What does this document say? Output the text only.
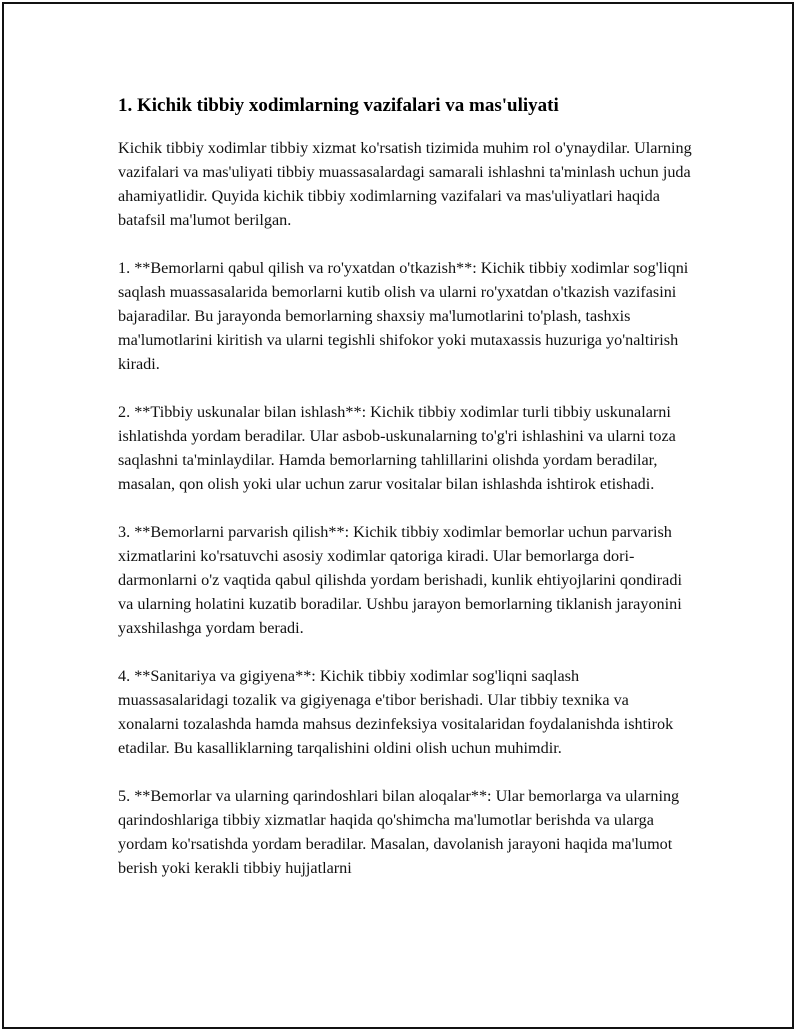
1. Kichik tibbiy xodimlarning vazifalari va mas'uliyati

Kichik tibbiy xodimlar tibbiy xizmat ko'rsatish tizimida muhim rol o'ynaydilar. Ularning vazifalari va mas'uliyati tibbiy muassasalardagi samarali ishlashni ta'minlash uchun juda ahamiyatlidir. Quyida kichik tibbiy xodimlarning vazifalari va mas'uliyatlari haqida batafsil ma'lumot berilgan.

1. **Bemorlarni qabul qilish va ro'yxatdan o'tkazish**: Kichik tibbiy xodimlar sog'liqni saqlash muassasalarida bemorlarni kutib olish va ularni ro'yxatdan o'tkazish vazifasini bajaradilar. Bu jarayonda bemorlarning shaxsiy ma'lumotlarini to'plash, tashxis ma'lumotlarini kiritish va ularni tegishli shifokor yoki mutaxassis huzuriga yo'naltirish kiradi.

2. **Tibbiy uskunalar bilan ishlash**: Kichik tibbiy xodimlar turli tibbiy uskunalarni ishlatishda yordam beradilar. Ular asbob-uskunalarning to'g'ri ishlashini va ularni toza saqlashni ta'minlaydilar. Hamda bemorlarning tahlillarini olishda yordam beradilar, masalan, qon olish yoki ular uchun zarur vositalar bilan ishlashda ishtirok etishadi.

3. **Bemorlarni parvarish qilish**: Kichik tibbiy xodimlar bemorlar uchun parvarish xizmatlarini ko'rsatuvchi asosiy xodimlar qatoriga kiradi. Ular bemorlarga dori-darmonlarni o'z vaqtida qabul qilishda yordam berishadi, kunlik ehtiyojlarini qondiradi va ularning holatini kuzatib boradilar. Ushbu jarayon bemorlarning tiklanish jarayonini yaxshilashga yordam beradi.

4. **Sanitariya va gigiyena**: Kichik tibbiy xodimlar sog'liqni saqlash muassasalaridagi tozalik va gigiyenaga e'tibor berishadi. Ular tibbiy texnika va xonalarni tozalashda hamda mahsus dezinfeksiya vositalaridan foydalanishda ishtirok etadilar. Bu kasalliklarning tarqalishini oldini olish uchun muhimdir.

5. **Bemorlar va ularning qarindoshlari bilan aloqalar**: Ular bemorlarga va ularning qarindoshlariga tibbiy xizmatlar haqida qo'shimcha ma'lumotlar berishda va ularga yordam ko'rsatishda yordam beradilar. Masalan, davolanish jarayoni haqida ma'lumot berish yoki kerakli tibbiy hujjatlarni
